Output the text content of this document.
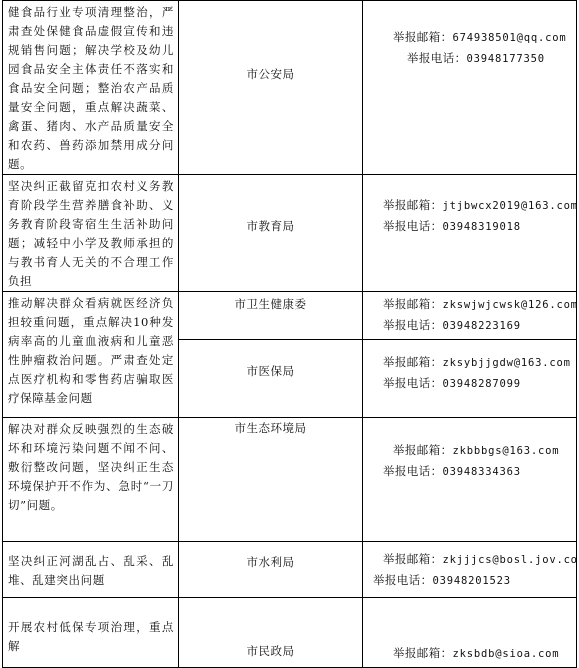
健食品行业专项清理整治，严肃查处保健食品虚假宣传和违规销售问题；解决学校及幼儿园食品安全主体责任不落实和食品安全问题；整治农产品质量安全问题，重点解决蔬菜、禽蛋、猪肉、水产品质量安全和农药、兽药添加禁用成分问题。	市公安局	举报邮箱：674938501@qq.com
举报电话：03948177350

坚决纠正截留克扣农村义务教育阶段学生营养膳食补助、义务教育阶段寄宿生生活补助问题；减轻中小学及教师承担的与教书育人无关的不合理工作负担	市教育局	举报邮箱：jtjbwcx2019@163.com
举报电话：03948319018

推动解决群众看病就医经济负担较重问题，重点解决10种发病率高的儿童血液病和儿童恶性肿瘤救治问题。严肃查处定点医疗机构和零售药店骗取医疗保障基金问题	市卫生健康委	举报邮箱：zkswjwjcwsk@126.com
举报电话：03948223169

	市医保局	举报邮箱：zksybjjgdw@163.com
举报电话：03948287099

解决对群众反映强烈的生态破坏和环境污染问题不闻不问、敷衍整改问题，坚决纠正生态环境保护开不作为、急时“一刀切”问题。	市生态环境局	举报邮箱：zkbbbgs@163.com
举报电话：03948334363

坚决纠正河湖乱占、乱采、乱堆、乱建突出问题	市水利局	举报邮箱：zkjjjcs@bosl.jov.co
举报电话：03948201523

开展农村低保专项治理，重点解	市民政局	举报邮箱：zksbdb@sioa.com
